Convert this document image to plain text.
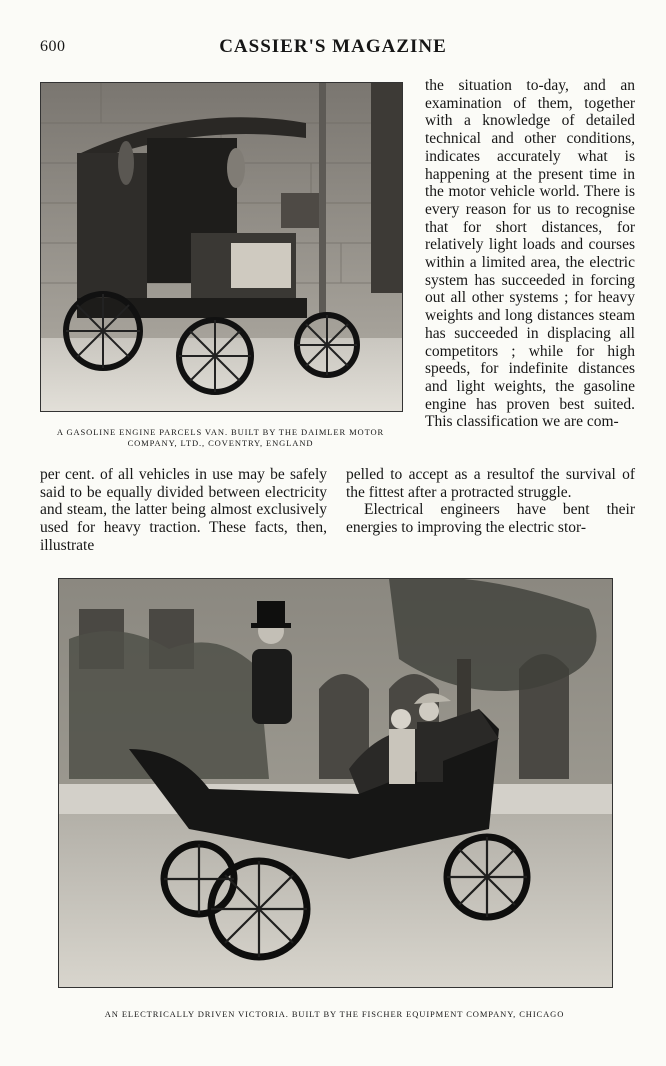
600	CASSIER'S MAGAZINE
A GASOLINE ENGINE PARCELS VAN. BUILT BY THE DAIMLER MOTOR COMPANY, LTD., COVENTRY, ENGLAND

the situation to-day, and an examination of them, together with a knowledge of detailed technical and other conditions, indicates accurately what is happening at the present time in the motor vehicle world. There is every reason for us to recognise that for short distances, for relatively light loads and courses within a limited area, the electric system has succeeded in forcing out all other systems ; for heavy weights and long distances steam has succeeded in displacing all competitors ; while for high speeds, for indefinite distances and light weights, the gasoline engine has proven best suited. This classification we are com-

per cent. of all vehicles in use may be safely said to be equally divided between electricity and steam, the latter being almost exclusively used for heavy traction. These facts, then, illustrate

pelled to accept as a resultof the survival of the fittest after a protracted struggle.

Electrical engineers have bent their energies to improving the electric stor-

AN ELECTRICALLY DRIVEN VICTORIA. BUILT BY THE FISCHER EQUIPMENT COMPANY, CHICAGO
